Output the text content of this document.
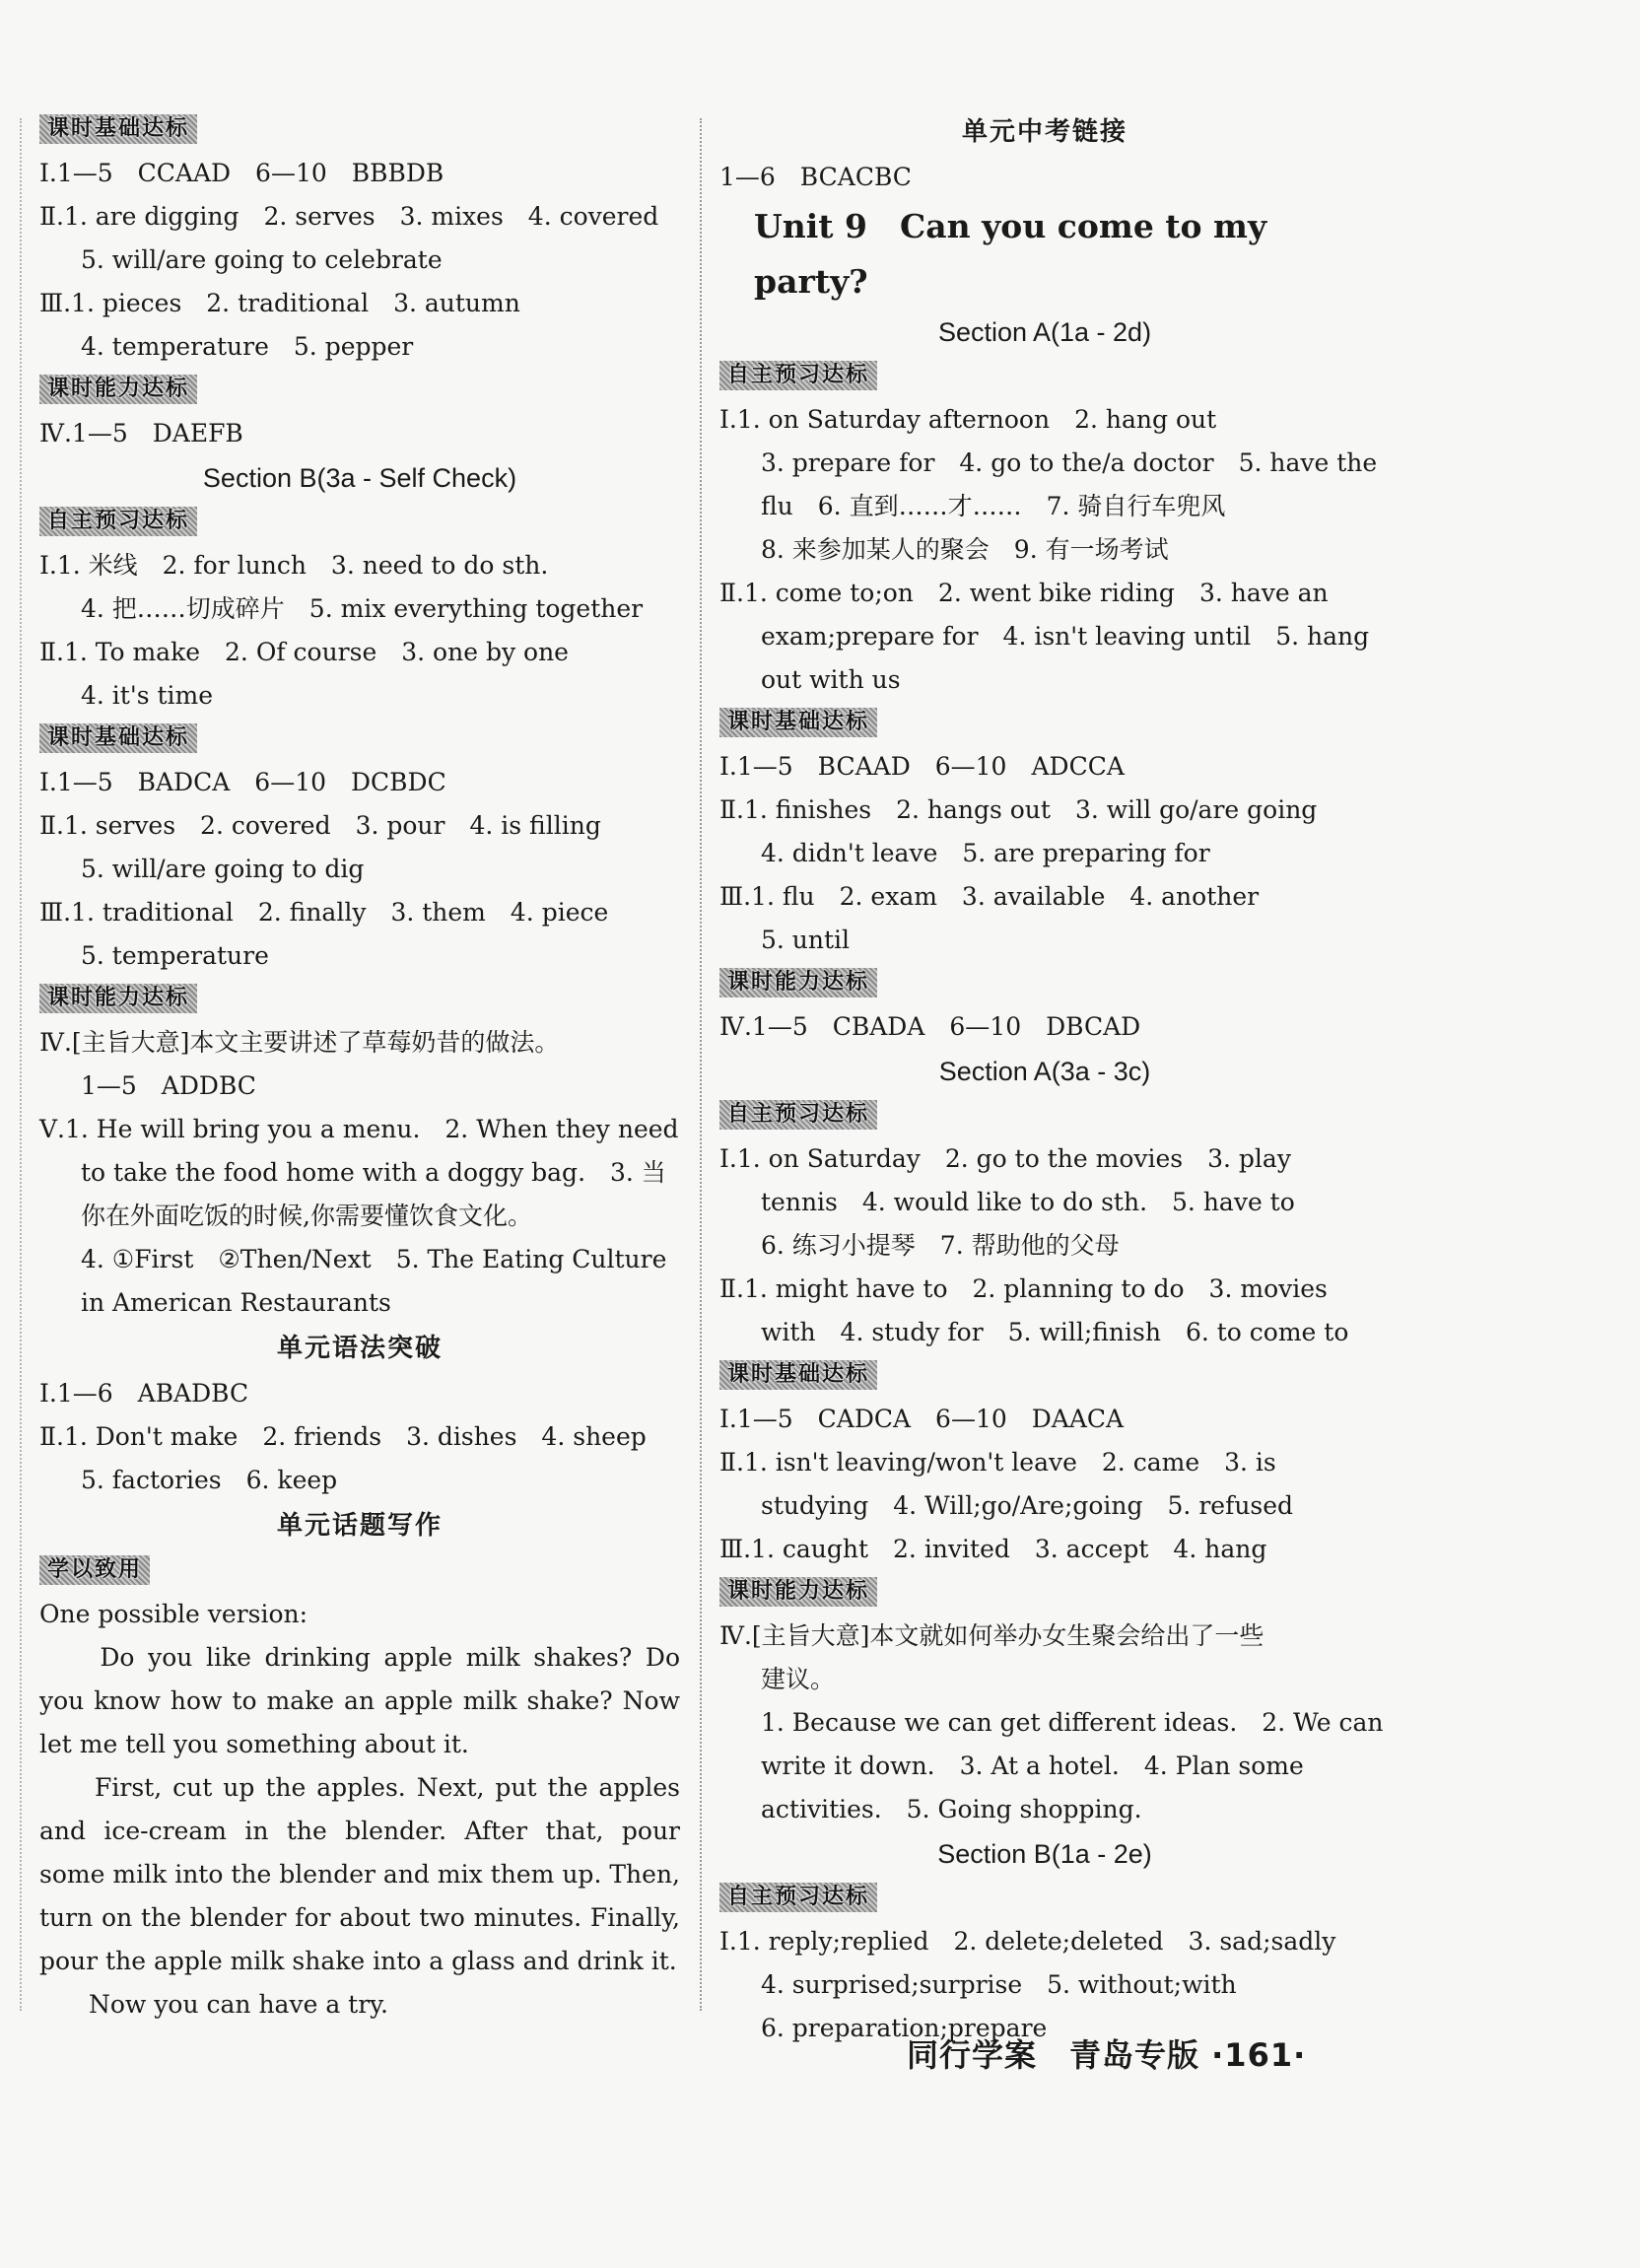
课时基础达标
Ⅰ.1—5　CCAAD　6—10　BBBDB
Ⅱ.1. are digging　2. serves　3. mixes　4. covered
5. will/are going to celebrate
Ⅲ.1. pieces　2. traditional　3. autumn
4. temperature　5. pepper
课时能力达标
Ⅳ.1—5　DAEFB
Section B(3a - Self Check)
自主预习达标
Ⅰ.1. 米线　2. for lunch　3. need to do sth.
4. 把……切成碎片　5. mix everything together
Ⅱ.1. To make　2. Of course　3. one by one
4. it's time
课时基础达标
Ⅰ.1—5　BADCA　6—10　DCBDC
Ⅱ.1. serves　2. covered　3. pour　4. is filling
5. will/are going to dig
Ⅲ.1. traditional　2. finally　3. them　4. piece
5. temperature
课时能力达标
Ⅳ.[主旨大意]本文主要讲述了草莓奶昔的做法。
1—5　ADDBC
Ⅴ.1. He will bring you a menu.　2. When they need
to take the food home with a doggy bag.　3. 当
你在外面吃饭的时候,你需要懂饮食文化。
4. ①First　②Then/Next　5. The Eating Culture
in American Restaurants
单元语法突破
Ⅰ.1—6　ABADBC
Ⅱ.1. Don't make　2. friends　3. dishes　4. sheep
5. factories　6. keep
单元话题写作
学以致用
One possible version:
　　Do you like drinking apple milk shakes? Do you know how to make an apple milk shake? Now let me tell you something about it.
　　First, cut up the apples. Next, put the apples and ice-cream in the blender. After that, pour some milk into the blender and mix them up. Then, turn on the blender for about two minutes. Finally, pour the apple milk shake into a glass and drink it.
　　Now you can have a try.
单元中考链接
1—6　BCACBC
Unit 9　Can you come to my party?
Section A(1a - 2d)
自主预习达标
Ⅰ.1. on Saturday afternoon　2. hang out
3. prepare for　4. go to the/a doctor　5. have the
flu　6. 直到……才……　7. 骑自行车兜风
8. 来参加某人的聚会　9. 有一场考试
Ⅱ.1. come to;on　2. went bike riding　3. have an
exam;prepare for　4. isn't leaving until　5. hang
out with us
课时基础达标
Ⅰ.1—5　BCAAD　6—10　ADCCA
Ⅱ.1. finishes　2. hangs out　3. will go/are going
4. didn't leave　5. are preparing for
Ⅲ.1. flu　2. exam　3. available　4. another
5. until
课时能力达标
Ⅳ.1—5　CBADA　6—10　DBCAD
Section A(3a - 3c)
自主预习达标
Ⅰ.1. on Saturday　2. go to the movies　3. play
tennis　4. would like to do sth.　5. have to
6. 练习小提琴　7. 帮助他的父母
Ⅱ.1. might have to　2. planning to do　3. movies
with　4. study for　5. will;finish　6. to come to
课时基础达标
Ⅰ.1—5　CADCA　6—10　DAACA
Ⅱ.1. isn't leaving/won't leave　2. came　3. is
studying　4. Will;go/Are;going　5. refused
Ⅲ.1. caught　2. invited　3. accept　4. hang
课时能力达标
Ⅳ.[主旨大意]本文就如何举办女生聚会给出了一些
建议。
1. Because we can get different ideas.　2. We can
write it down.　3. At a hotel.　4. Plan some
activities.　5. Going shopping.
Section B(1a - 2e)
自主预习达标
Ⅰ.1. reply;replied　2. delete;deleted　3. sad;sadly
4. surprised;surprise　5. without;with
6. preparation;prepare
同行学案　青岛专版 ·161·
